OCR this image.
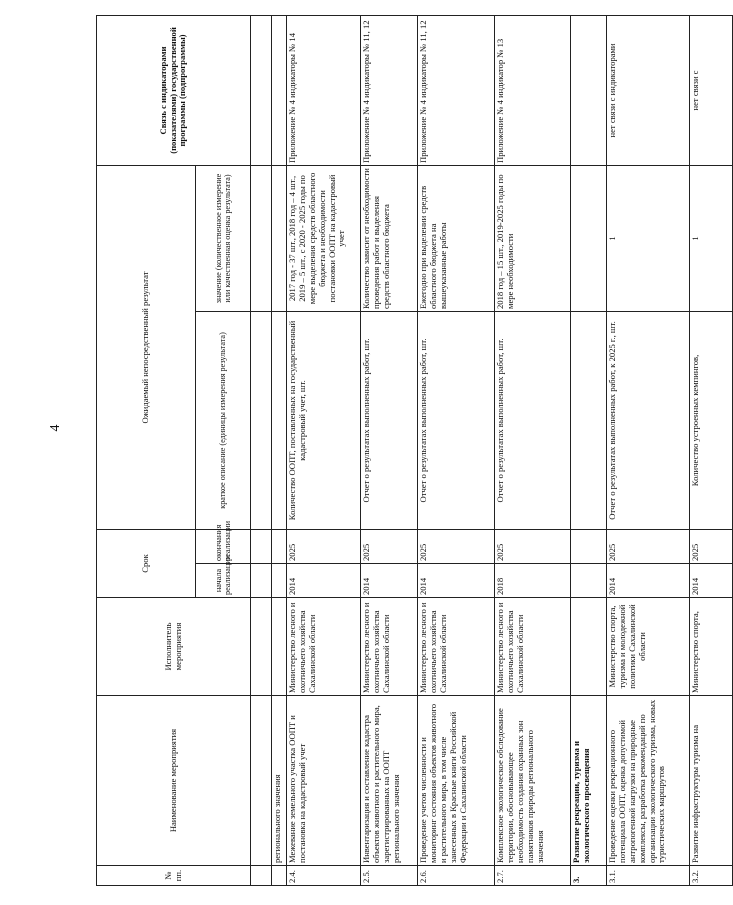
4
№ пп.	Наименование мероприятия	Исполнитель мероприятия	Срок		Ожидаемый непосредственный результат		Связь с индикаторами (показателями) государственной программы (подпрограммы)
			начала реализации	окончания реализации	краткое описание (единицы измерения результата)	значение (количественное измерение или качественная оценка результата)	

	регионального значения						
2.4.	Межевание земельного участка ООПТ и постановка на кадастровый учет	Министерство лесного и охотничьего хозяйства Сахалинской области	2014	2025	Количество ООПТ, поставленных на государственный кадастровый учет, шт.	2017 год - 37 шт., 2018 год – 4 шт., 2019 – 5 шт., с 2020 - 2025 годы по мере выделения средств областного бюджета и необходимости постановки ООПТ на кадастровый учет	Приложение № 4 индикаторы № 14
2.5.	Инвентаризация и составление кадастра объектов животного и растительного мира, зарегистрированных на ООПТ регионального значения	Министерство лесного и охотничьего хозяйства Сахалинской области	2014	2025	Отчет о результатах выполненных работ, шт.	Количество зависит от необходимости проведения работ и выделения средств областного бюджета	Приложение № 4 индикаторы № 11, 12
2.6.	Проведение учетов численности и мониторинг состояния объектов животного и растительного мира, в том числе занесенных в Красные книги Российской Федерации и Сахалинской области	Министерство лесного и охотничьего хозяйства Сахалинской области	2014	2025	Отчет о результатах выполненных работ, шт.	Ежегодно при выделении средств областного бюджета на вышеуказанные работы	Приложение № 4 индикаторы № 11, 12
2.7.	Комплексное экологическое обследование территории, обосновывающее необходимость создания охранных зон памятников природы регионального значения	Министерство лесного и охотничьего хозяйства Сахалинской области	2018	2025	Отчет о результатах выполненных работ, шт.	2018 год – 15 шт., 2019-2025 годы по мере необходимости	Приложение № 4 индикатор № 13
3.	Развитие рекреации, туризма и экологического просвещения						
3.1.	Проведение оценки рекреационного потенциала ООПТ, оценка допустимой антропогенной нагрузки на природные комплексы, разработка рекомендаций по организации экологического туризма, новых туристических маршрутов	Министерство спорта, туризма и молодежной политики Сахалинской области	2014	2025	Отчет о результатах выполненных работ, к 2025 г., шт.	1	нет связи с индикаторами
3.2.	Развитие инфраструктуры туризма на	Министерство спорта,	2014	2025	Количество устроенных кемпингов,	1	нет связи с
